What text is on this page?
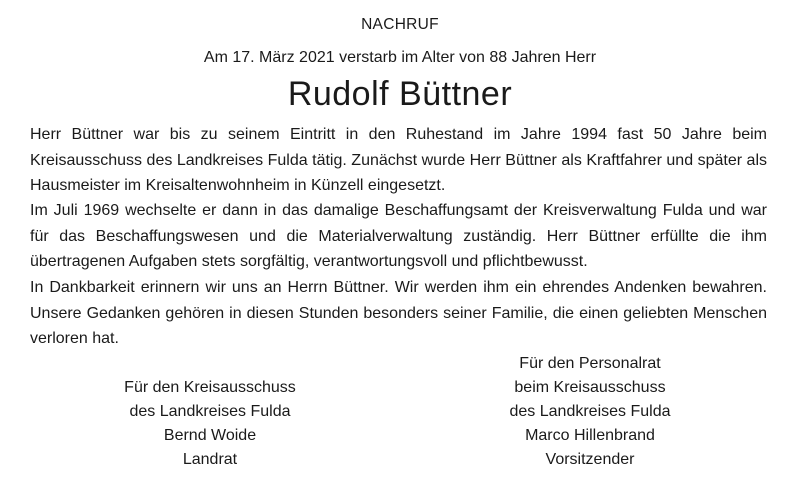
NACHRUF
Am 17. März 2021 verstarb im Alter von 88 Jahren Herr
Rudolf Büttner

Herr Büttner war bis zu seinem Eintritt in den Ruhestand im Jahre 1994 fast 50 Jahre beim Kreisausschuss des Landkreises Fulda tätig. Zunächst wurde Herr Büttner als Kraftfahrer und später als Hausmeister im Kreisaltenwohnheim in Künzell eingesetzt.

Im Juli 1969 wechselte er dann in das damalige Beschaffungsamt der Kreisverwaltung Fulda und war für das Beschaffungswesen und die Materialverwaltung zuständig. Herr Büttner erfüllte die ihm übertragenen Aufgaben stets sorgfältig, verantwortungsvoll und pflichtbewusst.

In Dankbarkeit erinnern wir uns an Herrn Büttner. Wir werden ihm ein ehrendes Andenken bewahren. Unsere Gedanken gehören in diesen Stunden besonders seiner Familie, die einen geliebten Menschen verloren hat.

Für den Kreisausschuss
des Landkreises Fulda
Bernd Woide
Landrat
Für den Personalrat
beim Kreisausschuss
des Landkreises Fulda
Marco Hillenbrand
Vorsitzender
